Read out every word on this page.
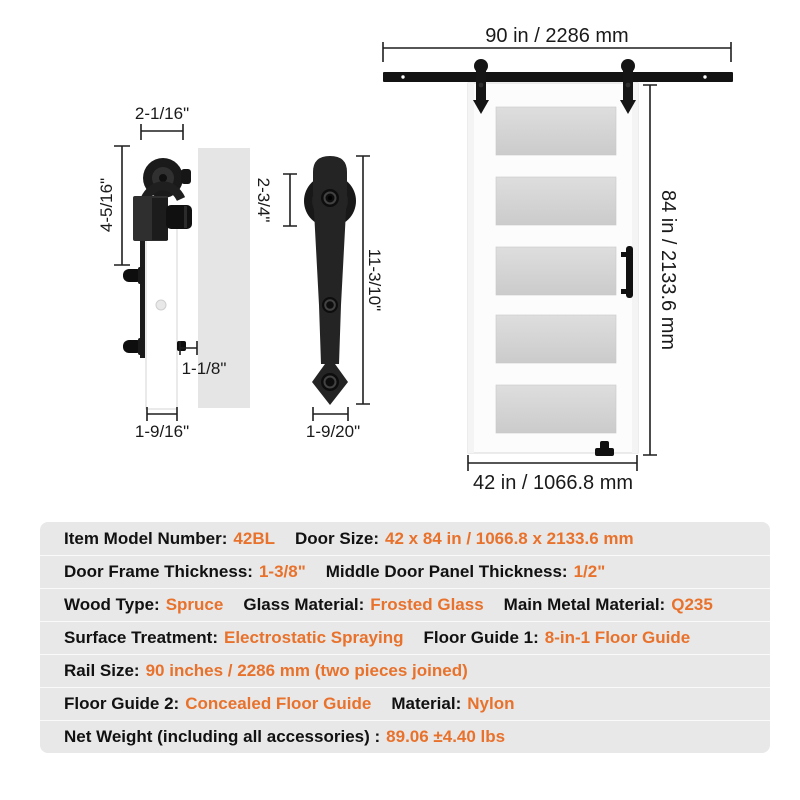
90 in / 2286 mm
84 in / 2133.6 mm
42 in / 1066.8 mm
2-1/16"
4-5/16"
1-1/8"
1-9/16"
2-3/4"
11-3/10"
1-9/20"
Item Model Number: 42BL Door Size: 42 x 84 in / 1066.8 x 2133.6 mm
Door Frame Thickness: 1-3/8" Middle Door Panel Thickness: 1/2"
Wood Type: Spruce Glass Material: Frosted Glass Main Metal Material: Q235
Surface Treatment: Electrostatic Spraying Floor Guide 1: 8-in-1 Floor Guide
Rail Size: 90 inches / 2286 mm (two pieces joined)
Floor Guide 2: Concealed Floor Guide Material: Nylon
Net Weight (including all accessories) : 89.06 ±4.40 lbs
